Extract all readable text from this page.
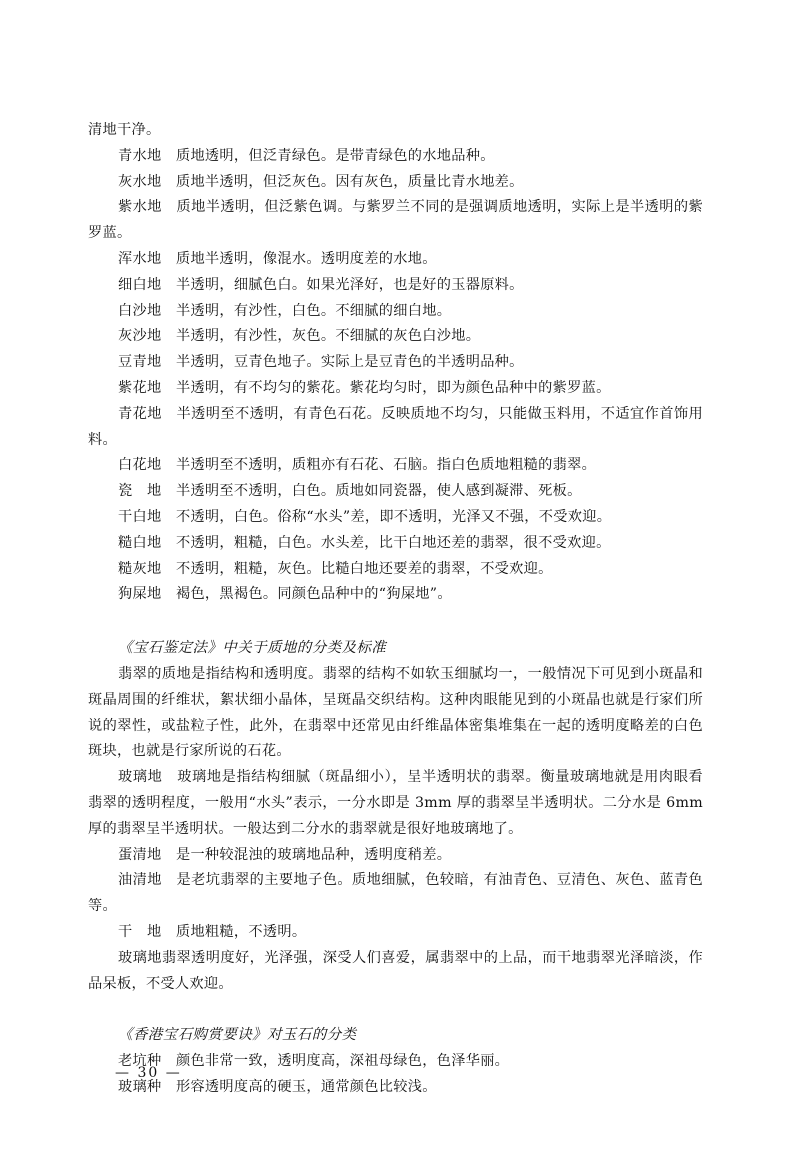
清地干净。

青水地　质地透明，但泛青绿色。是带青绿色的水地品种。

灰水地　质地半透明，但泛灰色。因有灰色，质量比青水地差。

紫水地　质地半透明，但泛紫色调。与紫罗兰不同的是强调质地透明，实际上是半透明的紫罗蓝。

浑水地　质地半透明，像混水。透明度差的水地。

细白地　半透明，细腻色白。如果光泽好，也是好的玉器原料。

白沙地　半透明，有沙性，白色。不细腻的细白地。

灰沙地　半透明，有沙性，灰色。不细腻的灰色白沙地。

豆青地　半透明，豆青色地子。实际上是豆青色的半透明品种。

紫花地　半透明，有不均匀的紫花。紫花均匀时，即为颜色品种中的紫罗蓝。

青花地　半透明至不透明，有青色石花。反映质地不均匀，只能做玉料用，不适宜作首饰用料。

白花地　半透明至不透明，质粗亦有石花、石脑。指白色质地粗糙的翡翠。

瓷　地　半透明至不透明，白色。质地如同瓷器，使人感到凝滞、死板。

干白地　不透明，白色。俗称“水头”差，即不透明，光泽又不强，不受欢迎。

糙白地　不透明，粗糙，白色。水头差，比干白地还差的翡翠，很不受欢迎。

糙灰地　不透明，粗糙，灰色。比糙白地还要差的翡翠，不受欢迎。

狗屎地　褐色，黑褐色。同颜色品种中的“狗屎地”。

《宝石鉴定法》中关于质地的分类及标准

翡翠的质地是指结构和透明度。翡翠的结构不如软玉细腻均一，一般情况下可见到小斑晶和斑晶周围的纤维状，絮状细小晶体，呈斑晶交织结构。这种肉眼能见到的小斑晶也就是行家们所说的翠性，或盐粒子性，此外，在翡翠中还常见由纤维晶体密集堆集在一起的透明度略差的白色斑块，也就是行家所说的石花。

玻璃地　玻璃地是指结构细腻（斑晶细小），呈半透明状的翡翠。衡量玻璃地就是用肉眼看翡翠的透明程度，一般用“水头”表示，一分水即是 3mm 厚的翡翠呈半透明状。二分水是 6mm 厚的翡翠呈半透明状。一般达到二分水的翡翠就是很好地玻璃地了。

蛋清地　是一种较混浊的玻璃地品种，透明度稍差。

油清地　是老坑翡翠的主要地子色。质地细腻，色较暗，有油青色、豆清色、灰色、蓝青色等。

干　地　质地粗糙，不透明。

玻璃地翡翠透明度好，光泽强，深受人们喜爱，属翡翠中的上品，而干地翡翠光泽暗淡，作品呆板，不受人欢迎。

《香港宝石购赏要诀》对玉石的分类

老坑种　颜色非常一致，透明度高，深祖母绿色，色泽华丽。

玻璃种　形容透明度高的硬玉，通常颜色比较浅。

— 30 —
